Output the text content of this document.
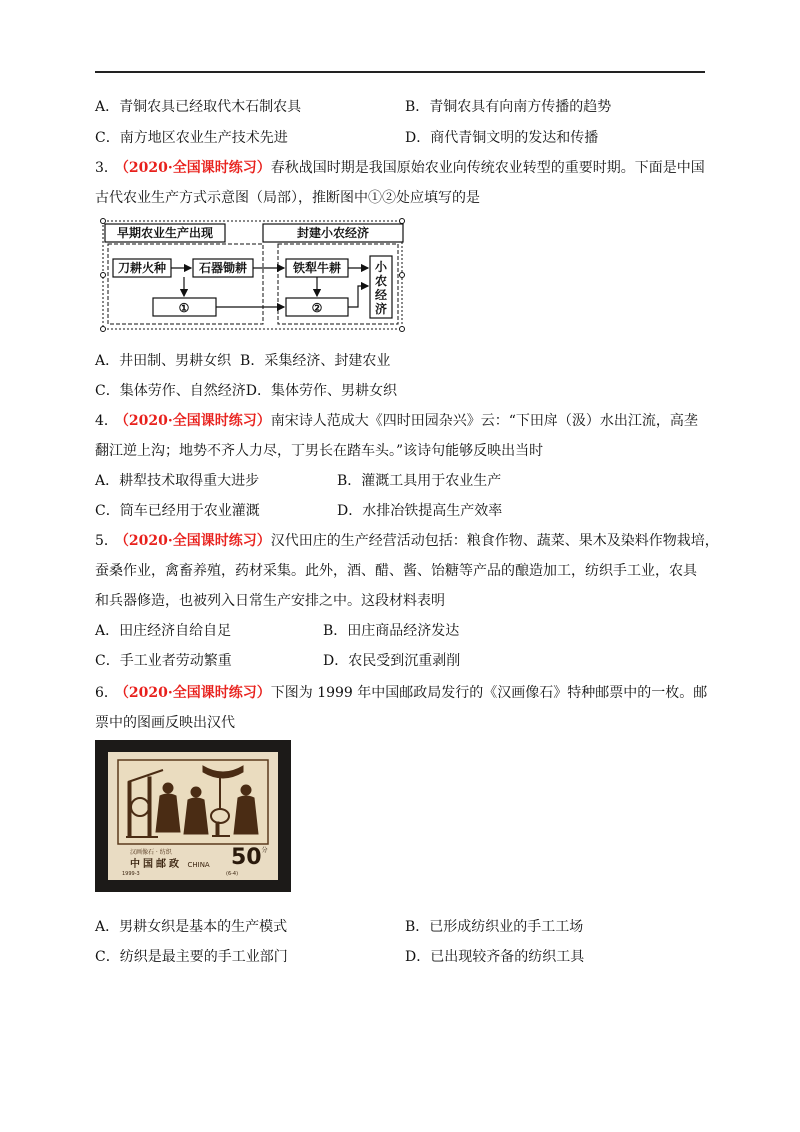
A．青铜农具已经取代木石制农具	B．青铜农具有向南方传播的趋势
C．南方地区农业生产技术先进	D．商代青铜文明的发达和传播
3． （2020·全国课时练习）春秋战国时期是我国原始农业向传统农业转型的重要时期。下面是中国
古代农业生产方式示意图（局部），推断图中①②处应填写的是
早期农业生产出现	封建小农经济
刀耕火种	石器锄耕	铁犁牛耕
①	②
小
农
经
济
A．井田制、男耕女织 B．采集经济、封建农业
C．集体劳作、自然经济D．集体劳作、男耕女织
4． （2020·全国课时练习）南宋诗人范成大《四时田园杂兴》云：“下田戽（汲）水出江流，高垄
翻江逆上沟；地势不齐人力尽，丁男长在踏车头。”该诗句能够反映出当时
A．耕犁技术取得重大进步	B．灌溉工具用于农业生产
C．筒车已经用于农业灌溉	D．水排冶铁提高生产效率
5． （2020·全国课时练习）汉代田庄的生产经营活动包括：粮食作物、蔬菜、果木及染料作物栽培，
蚕桑作业，禽畜养殖，药材采集。此外，酒、醋、酱、饴糖等产品的酿造加工，纺织手工业，农具
和兵器修造，也被列入日常生产安排之中。这段材料表明
A．田庄经济自给自足	B．田庄商品经济发达
C．手工业者劳动繁重	D．农民受到沉重剥削
6． （2020·全国课时练习）下图为 1999 年中国邮政局发行的《汉画像石》特种邮票中的一枚。邮
票中的图画反映出汉代
汉画像石 · 纺织
中国邮政 CHINA $50^分$
1999-3	(6-4)
A．男耕女织是基本的生产模式	B．已形成纺织业的手工工场
C．纺织是最主要的手工业部门	D．已出现较齐备的纺织工具
